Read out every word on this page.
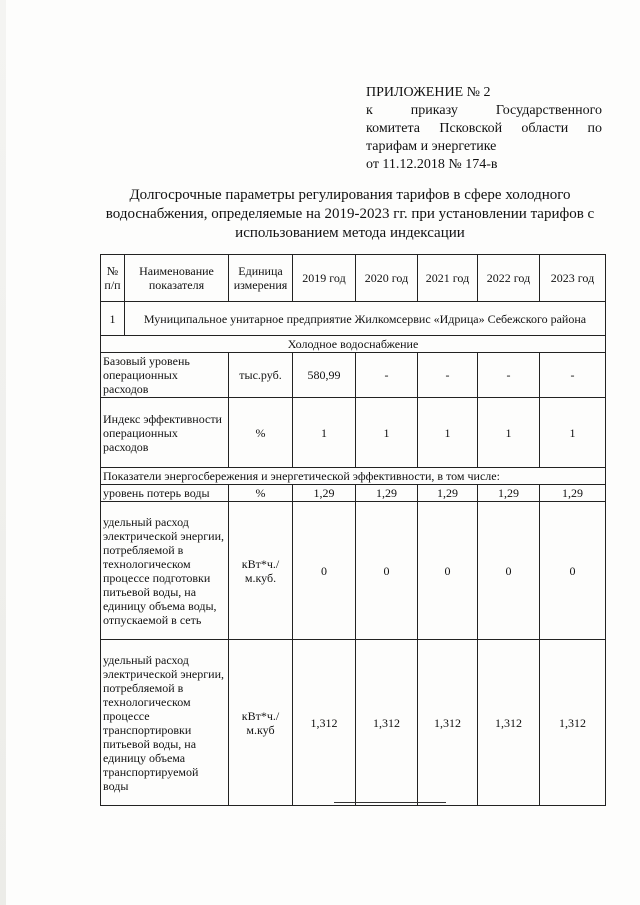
ПРИЛОЖЕНИЕ № 2
к приказу Государственного
комитета Псковской области по
тарифам и энергетике
от 11.12.2018 № 174-в
Долгосрочные параметры регулирования тарифов в сфере холодного
водоснабжения, определяемые на 2019-2023 гг. при установлении тарифов с
использованием метода индексации
№ п/п	Наименование показателя	Единица измерения	2019 год	2020 год	2021 год	2022 год	2023 год
1	Муниципальное унитарное предприятие Жилкомсервис «Идрица» Себежского района						
Холодное водоснабжение							
Базовый уровень операционных расходов		тыс.руб.	580,99	-	-	-	-
Индекс эффективности операционных расходов		%	1	1	1	1	1
Показатели энергосбережения и энергетической эффективности, в том числе:							
уровень потерь воды		%	1,29	1,29	1,29	1,29	1,29
удельный расход электрической энергии, потребляемой в технологическом процессе подготовки питьевой воды, на единицу объема воды, отпускаемой в сеть		кВт*ч./м.куб.	0	0	0	0	0
удельный расход электрической энергии, потребляемой в технологическом процессе транспортировки питьевой воды, на единицу объема транспортируемой воды		кВт*ч./м.куб	1,312	1,312	1,312	1,312	1,312
